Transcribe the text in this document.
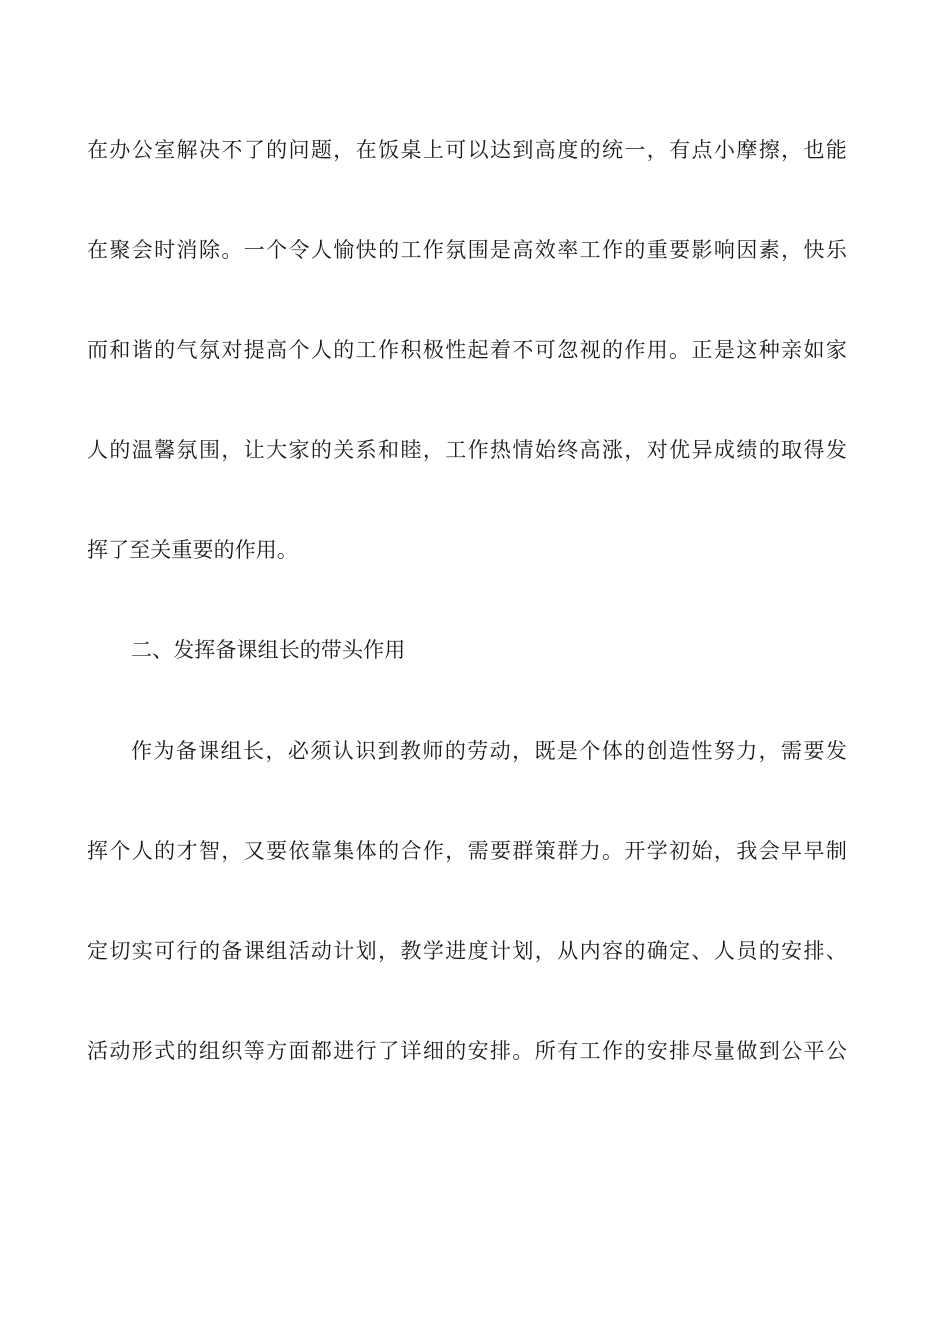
在办公室解决不了的问题，在饭桌上可以达到高度的统一，有点小摩擦，也能
在聚会时消除。一个令人愉快的工作氛围是高效率工作的重要影响因素，快乐
而和谐的气氛对提高个人的工作积极性起着不可忽视的作用。正是这种亲如家
人的温馨氛围，让大家的关系和睦，工作热情始终高涨，对优异成绩的取得发
挥了至关重要的作用。
二、发挥备课组长的带头作用
作为备课组长，必须认识到教师的劳动，既是个体的创造性努力，需要发
挥个人的才智，又要依靠集体的合作，需要群策群力。开学初始，我会早早制
定切实可行的备课组活动计划，教学进度计划，从内容的确定、人员的安排、
活动形式的组织等方面都进行了详细的安排。所有工作的安排尽量做到公平公
